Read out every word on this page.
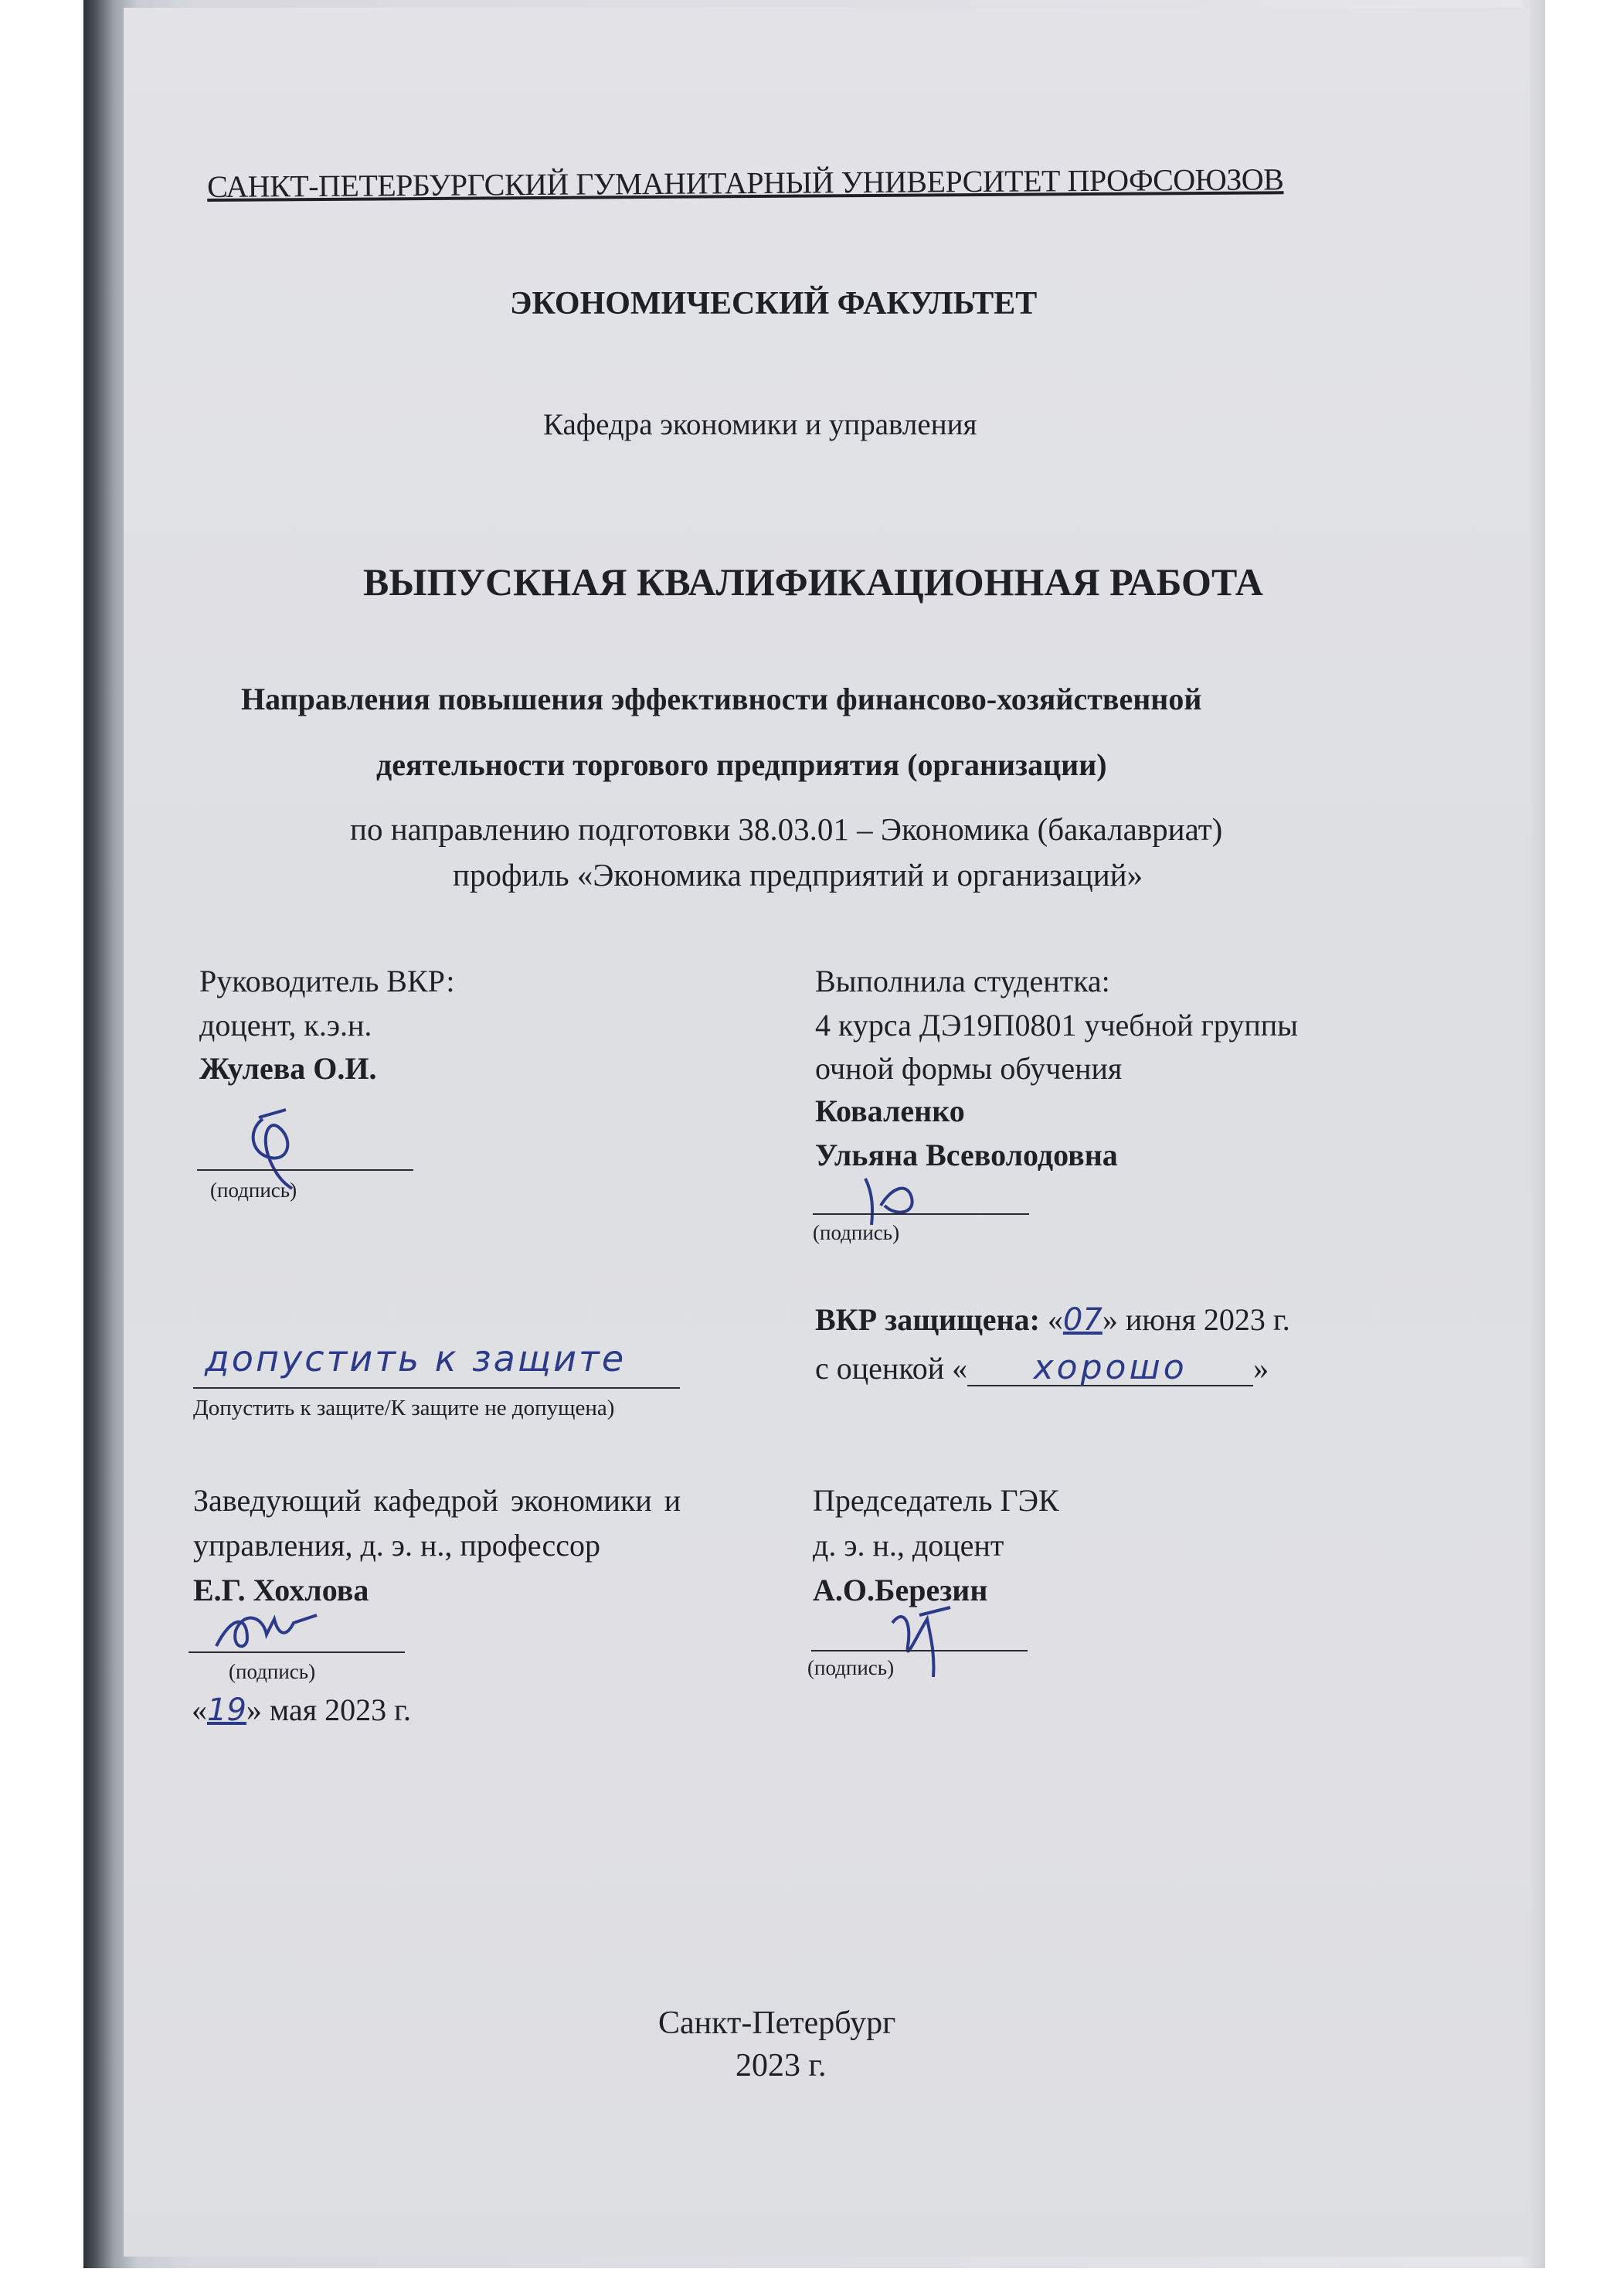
САНКТ-ПЕТЕРБУРГСКИЙ ГУМАНИТАРНЫЙ УНИВЕРСИТЕТ ПРОФСОЮЗОВ
ЭКОНОМИЧЕСКИЙ ФАКУЛЬТЕТ
Кафедра экономики и управления
ВЫПУСКНАЯ КВАЛИФИКАЦИОННАЯ РАБОТА
Направления повышения эффективности финансово-хозяйственной
деятельности торгового предприятия (организации)
по направлению подготовки 38.03.01 – Экономика (бакалавриат)
профиль «Экономика предприятий и организаций»
Руководитель ВКР:
доцент, к.э.н.
Жулева О.И.
(подпись)
Выполнила студентка:
4 курса ДЭ19П0801 учебной группы
очной формы обучения
Коваленко
Ульяна Всеволодовна
(подпись)
ВКР защищена: «07» июня 2023 г.
с оценкой « хорошо »
допустить к защите
Допустить к защите/К защите не допущена)
Заведующий кафедрой экономики и
управления, д. э. н., профессор
Е.Г. Хохлова
(подпись)
«19» мая 2023 г.
Председатель ГЭК
д. э. н., доцент
А.О.Березин
(подпись)
Санкт-Петербург
2023 г.
